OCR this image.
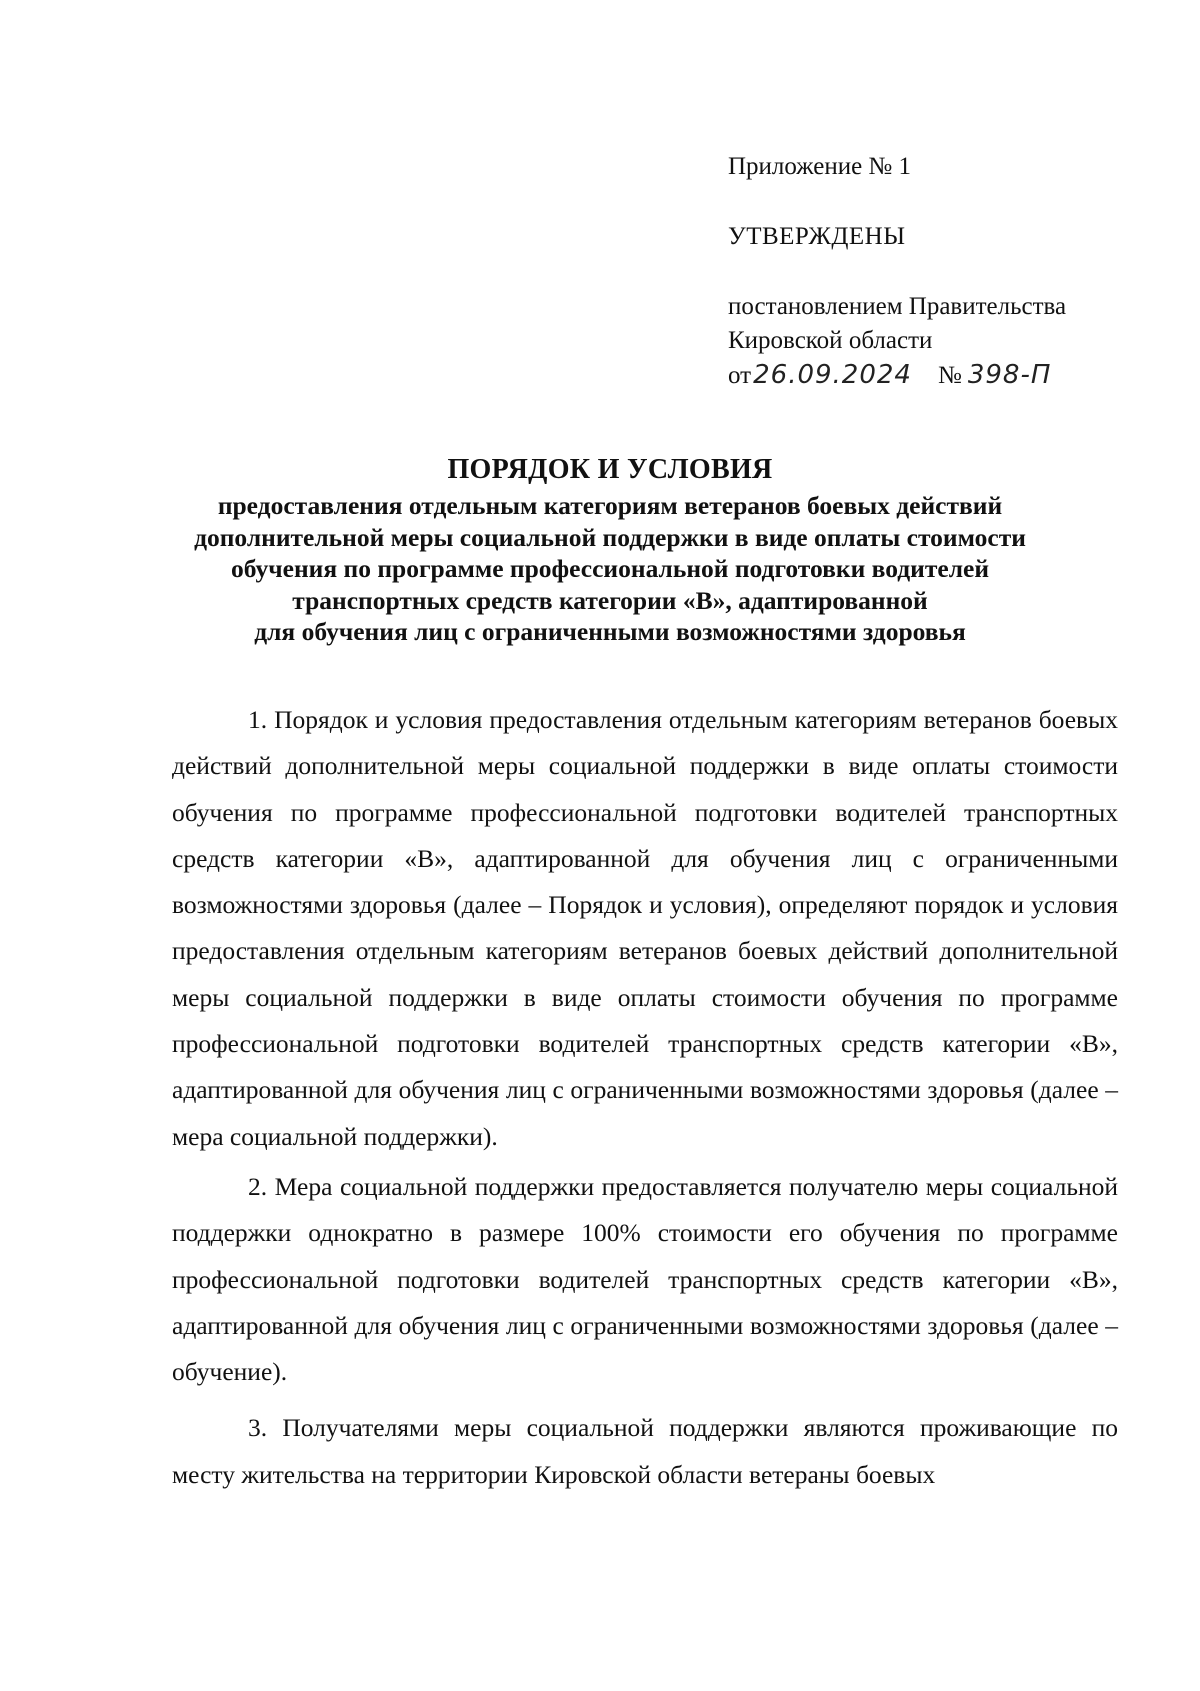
Приложение № 1

УТВЕРЖДЕНЫ

постановлением Правительства

Кировской области

от 26.09.2024 № 398-П

ПОРЯДОК И УСЛОВИЯ

предоставления отдельным категориям ветеранов боевых действий
дополнительной меры социальной поддержки в виде оплаты стоимости
обучения по программе профессиональной подготовки водителей
транспортных средств категории «В», адаптированной
для обучения лиц с ограниченными возможностями здоровья

1. Порядок и условия предоставления отдельным категориям ветеранов боевых действий дополнительной меры социальной поддержки в виде оплаты стоимости обучения по программе профессиональной подготовки водителей транспортных средств категории «В», адаптированной для обучения лиц с ограниченными возможностями здоровья (далее – Порядок и условия), определяют порядок и условия предоставления отдельным категориям ветеранов боевых действий дополнительной меры социальной поддержки в виде оплаты стоимости обучения по программе профессиональной подготовки водителей транспортных средств категории «В», адаптированной для обучения лиц с ограниченными возможностями здоровья (далее – мера социальной поддержки).

2. Мера социальной поддержки предоставляется получателю меры социальной поддержки однократно в размере 100% стоимости его обучения по программе профессиональной подготовки водителей транспортных средств категории «В», адаптированной для обучения лиц с ограниченными возможностями здоровья (далее – обучение).

3. Получателями меры социальной поддержки являются проживающие по месту жительства на территории Кировской области ветераны боевых
